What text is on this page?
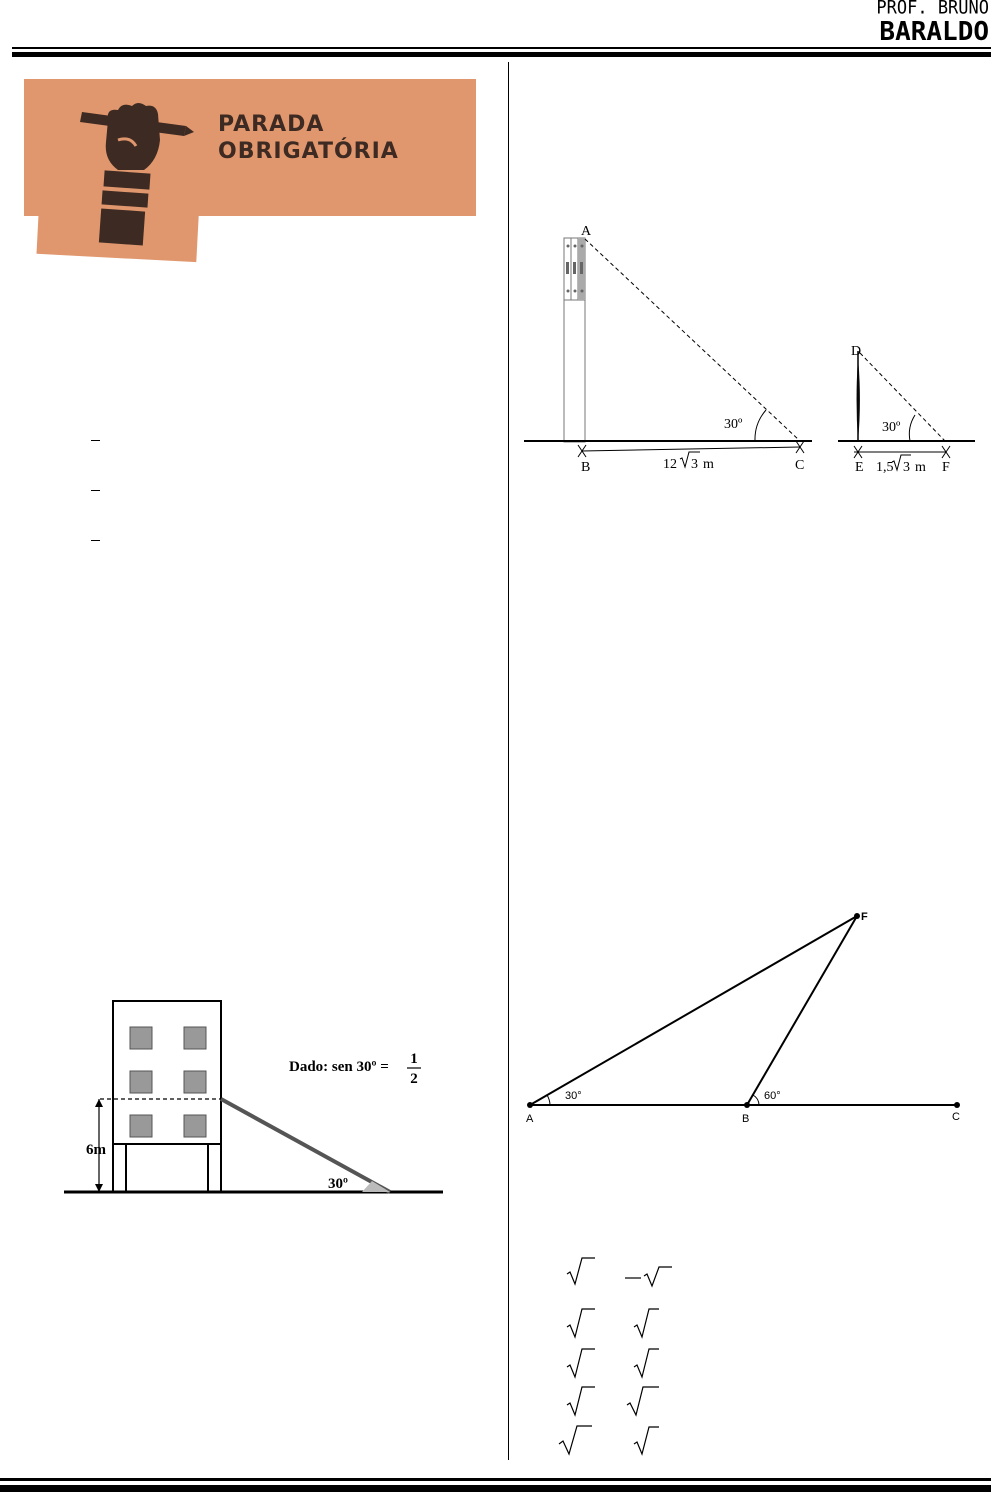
PROF. BRUNO
BARALDO
PARADA
OBRIGATÓRIA
6m
30º
Dado: sen 30º = 1
2
A
B	C
30º
12 3 m
D
E	F
30º
1,5 3 m
A	B	C
F
30°	60°
